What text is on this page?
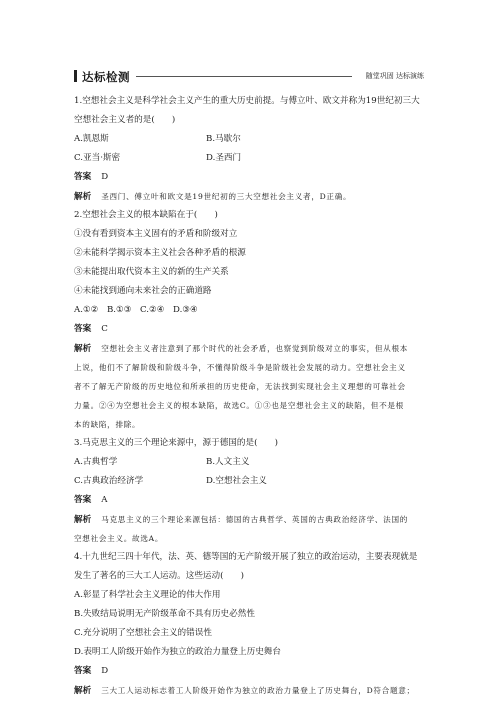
达标检测	随堂巩固 达标演练
1.空想社会主义是科学社会主义产生的重大历史前提。与傅立叶、欧文并称为19世纪初三大
空想社会主义者的是(　　)
A.凯恩斯	B.马歇尔
C.亚当·斯密	D.圣西门
答案 D
解析 圣西门、傅立叶和欧文是19世纪初的三大空想社会主义者，D正确。
2.空想社会主义的根本缺陷在于(　　)
①没有看到资本主义固有的矛盾和阶级对立
②未能科学揭示资本主义社会各种矛盾的根源
③未能提出取代资本主义的新的生产关系
④未能找到通向未来社会的正确道路
A.①②　B.①③　C.②④　D.③④
答案 C
解析 空想社会主义者注意到了那个时代的社会矛盾，也察觉到阶级对立的事实，但从根本
上说，他们不了解阶级和阶级斗争，不懂得阶级斗争是阶级社会发展的动力。空想社会主义
者不了解无产阶级的历史地位和所承担的历史使命，无法找到实现社会主义理想的可靠社会
力量。②④为空想社会主义的根本缺陷，故选C。①③也是空想社会主义的缺陷，但不是根
本的缺陷，排除。
3.马克思主义的三个理论来源中，源于德国的是(　　)
A.古典哲学	B.人文主义
C.古典政治经济学	D.空想社会主义
答案 A
解析 马克思主义的三个理论来源包括：德国的古典哲学、英国的古典政治经济学、法国的
空想社会主义。故选A。
4.十九世纪三四十年代，法、英、德等国的无产阶级开展了独立的政治运动，主要表现就是
发生了著名的三大工人运动。这些运动(　　)
A.彰显了科学社会主义理论的伟大作用
B.失败结局说明无产阶级革命不具有历史必然性
C.充分说明了空想社会主义的错误性
D.表明工人阶级开始作为独立的政治力量登上历史舞台
答案 D
解析 三大工人运动标志着工人阶级开始作为独立的政治力量登上了历史舞台，D符合题意；
